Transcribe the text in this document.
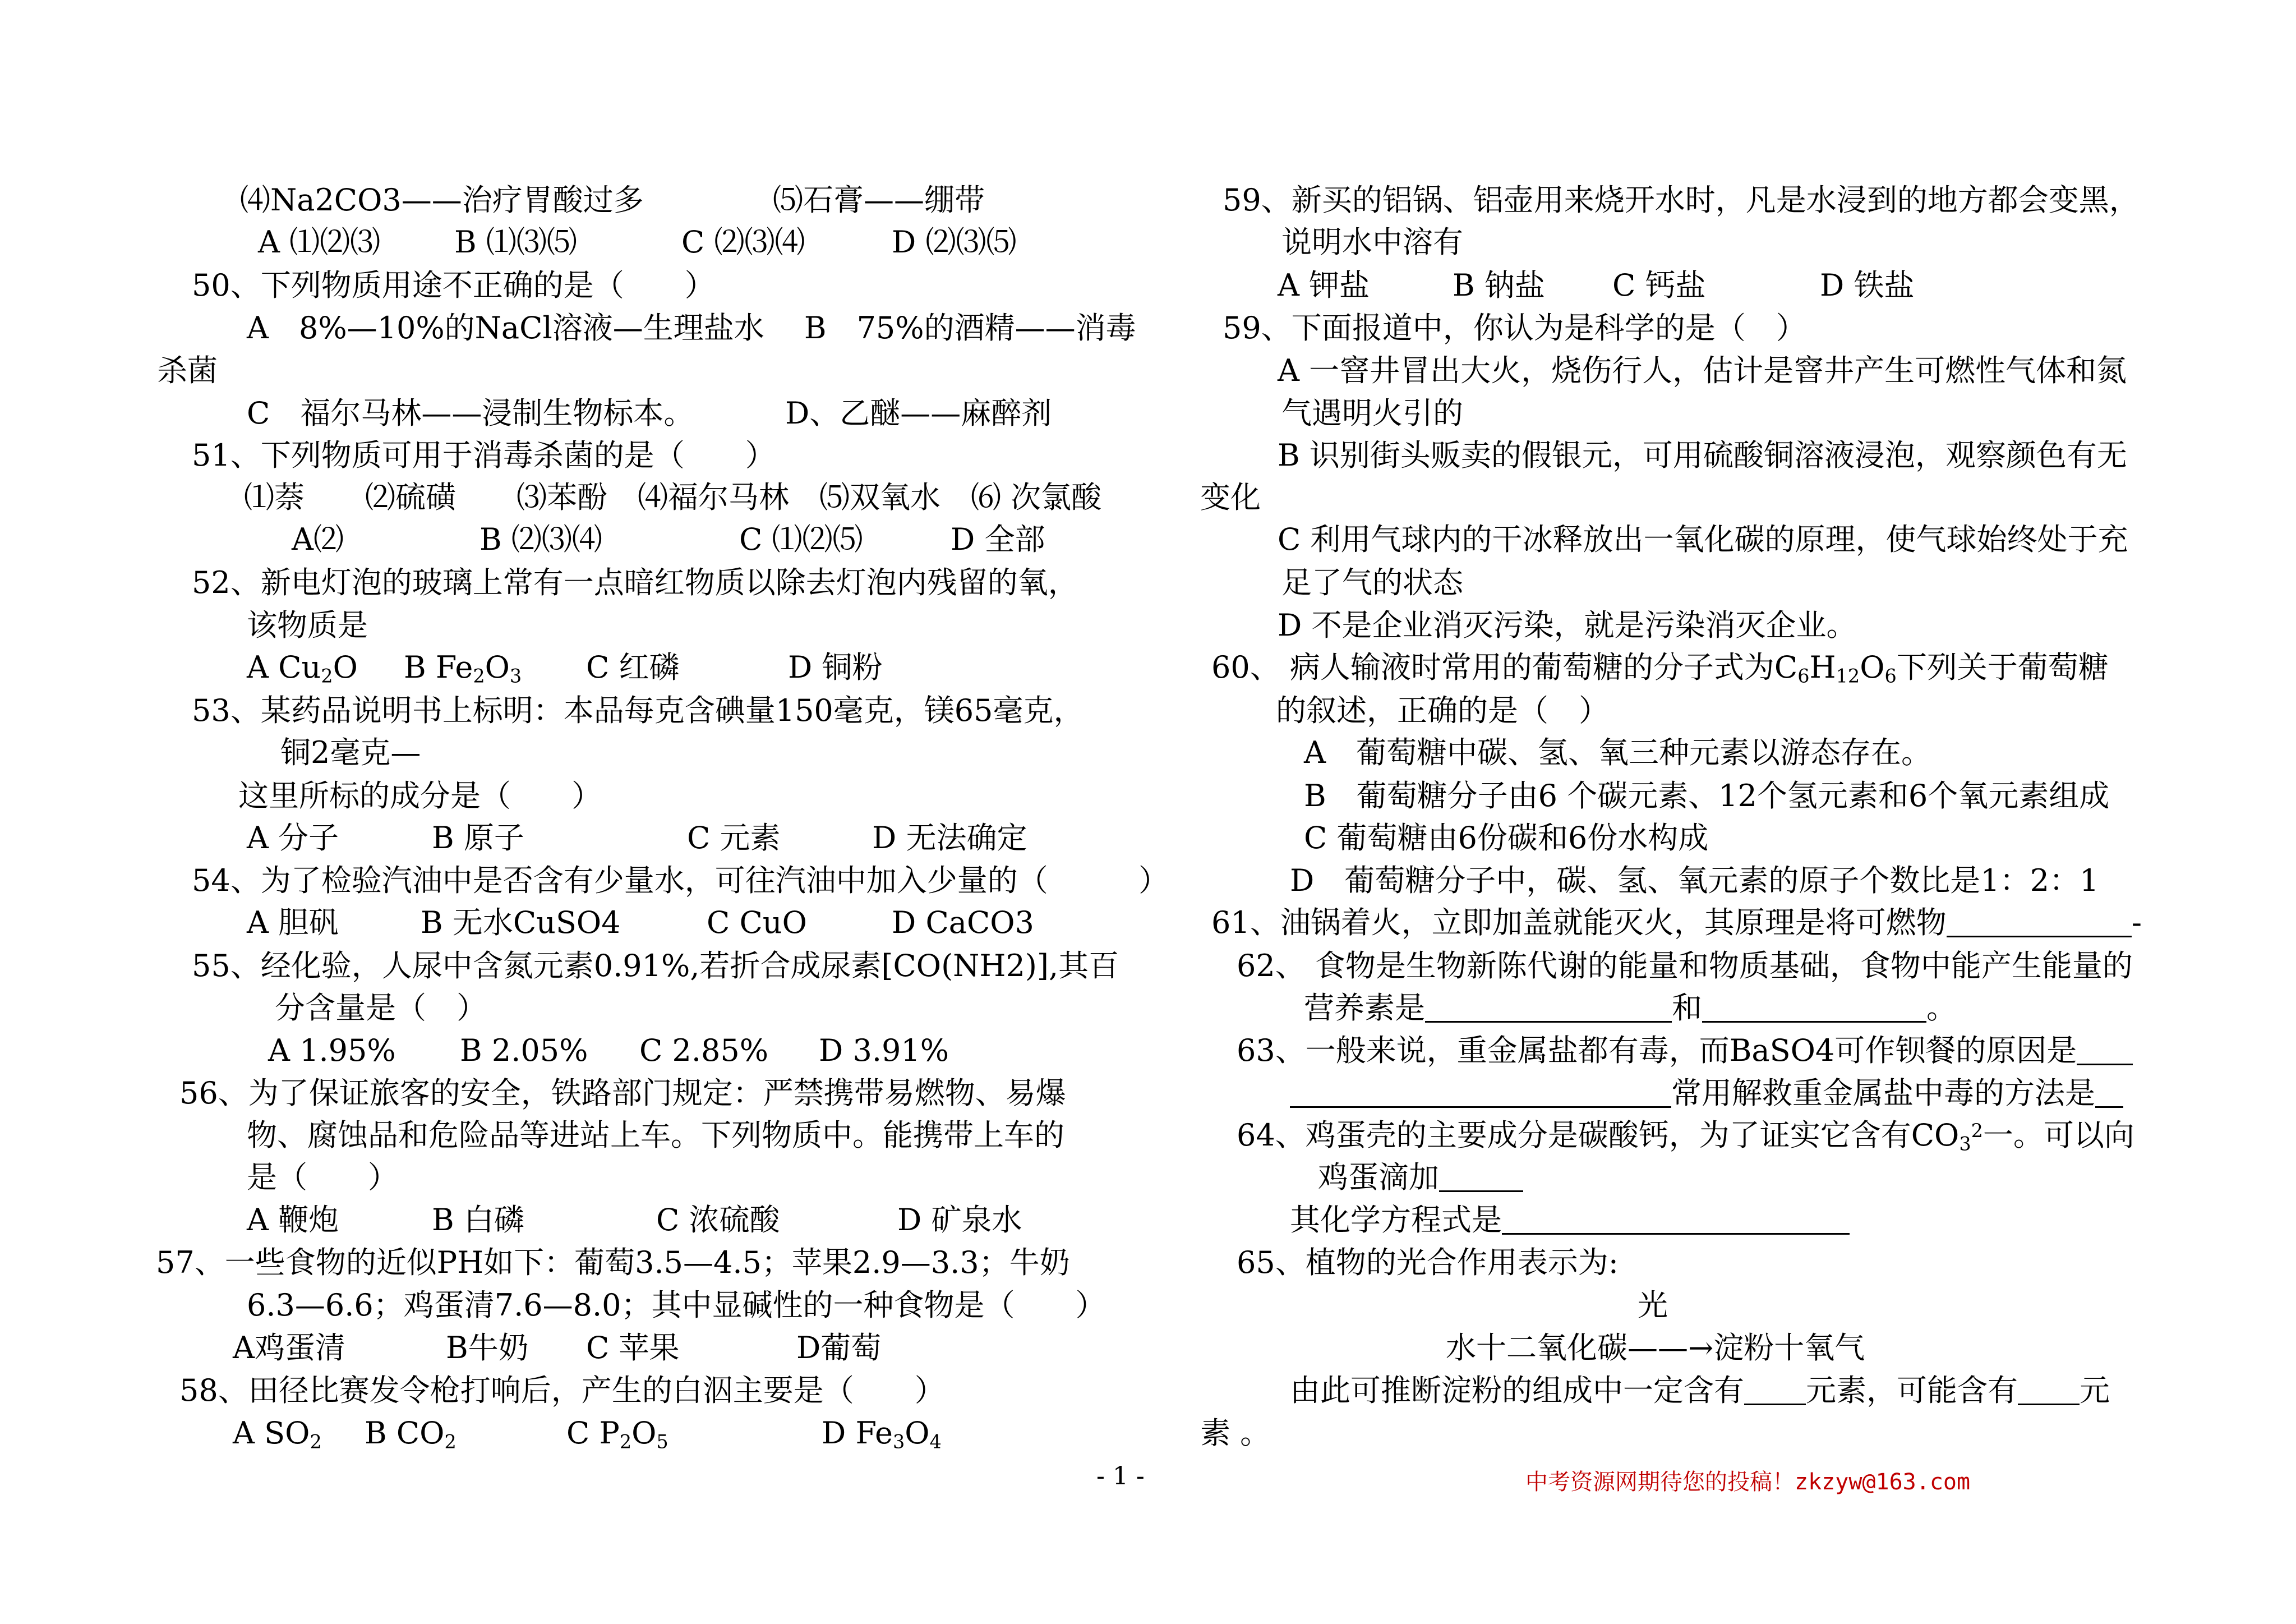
⑷Na2CO3——治疗胃酸过多	⑸石膏——绷带
A ⑴⑵⑶ B ⑴⑶⑸	C ⑵⑶⑷	D ⑵⑶⑸
50、下列物质用途不正确的是（　　）
A　8%—10%的NaCl溶液—生理盐水　 B　75%的酒精——消毒
杀菌
C　福尔马林——浸制生物标本。	D、乙醚——麻醉剂
51、下列物质可用于消毒杀菌的是（　　）
⑴萘　　⑵硫磺　　⑶苯酚　⑷福尔马林　⑸双氧水　⑹ 次氯酸
A⑵	B ⑵⑶⑷	C ⑴⑵⑸	D 全部
52、新电灯泡的玻璃上常有一点暗红物质以除去灯泡内残留的氧，
该物质是
A Cu2O B Fe2O3 C 红磷	D 铜粉
53、某药品说明书上标明：本品每克含碘量150毫克，镁65毫克，
铜2毫克—
这里所标的成分是（　　）
A 分子	B 原子	C 元素	D 无法确定
54、为了检验汽油中是否含有少量水，可往汽油中加入少量的（	）
A 胆矾	B 无水CuSO4	C CuO	D CaCO3
55、经化验，人尿中含氮元素0.91%,若折合成尿素[CO(NH2)],其百
分含量是（　）
A 1.95% B 2.05% C 2.85% D 3.91%
56、为了保证旅客的安全，铁路部门规定：严禁携带易燃物、易爆
物、腐蚀品和危险品等进站上车。下列物质中。能携带上车的
是（　　）
A 鞭炮	B 白磷	C 浓硫酸	D 矿泉水
57、一些食物的近似PH如下：葡萄3.5—4.5；苹果2.9—3.3；牛奶
6.3—6.6；鸡蛋清7.6—8.0；其中显碱性的一种食物是（　　）
A鸡蛋清	B牛奶 C 苹果	D葡萄
58、田径比赛发令枪打响后，产生的白泅主要是（　　）
A SO2 B CO2	C P2O5	D Fe3O4
59、新买的铝锅、铝壶用来烧开水时，凡是水浸到的地方都会变黑，
说明水中溶有
A 钾盐	B 钠盐 C 钙盐	D 铁盐
59、下面报道中，你认为是科学的是（　）
A 一窨井冒出大火，烧伤行人，估计是窨井产生可燃性气体和氮
气遇明火引的
B 识别街头贩卖的假银元，可用硫酸铜溶液浸泡，观察颜色有无
变化
C 利用气球内的干冰释放出一氧化碳的原理，使气球始终处于充
足了气的状态
D 不是企业消灭污染，就是污染消灭企业。
60、 病人输液时常用的葡萄糖的分子式为C6H12O6下列关于葡萄糖
的叙述，正确的是（　）
A　葡萄糖中碳、氢、氧三种元素以游态存在。
B　葡萄糖分子由6 个碳元素、12个氢元素和6个氧元素组成
C 葡萄糖由6份碳和6份水构成
D　葡萄糖分子中，碳、氢、氧元素的原子个数比是1：2：1
61、油锅着火，立即加盖就能灭火，其原理是将可燃物	-
62、 食物是生物新陈代谢的能量和物质基础，食物中能产生能量的
营养素是	和	。
63、一般来说，重金属盐都有毒，而BaSO4可作钡餐的原因是
常用解救重金属盐中毒的方法是
64、鸡蛋壳的主要成分是碳酸钙，为了证实它含有$CO3^2$一。可以向
鸡蛋滴加
其化学方程式是
65、植物的光合作用表示为:
光
水十二氧化碳——→淀粉十氧气
由此可推断淀粉的组成中一定含有 元素，可能含有 元
素 。
- 1 -	中考资源网期待您的投稿！zkzyw@163.com
